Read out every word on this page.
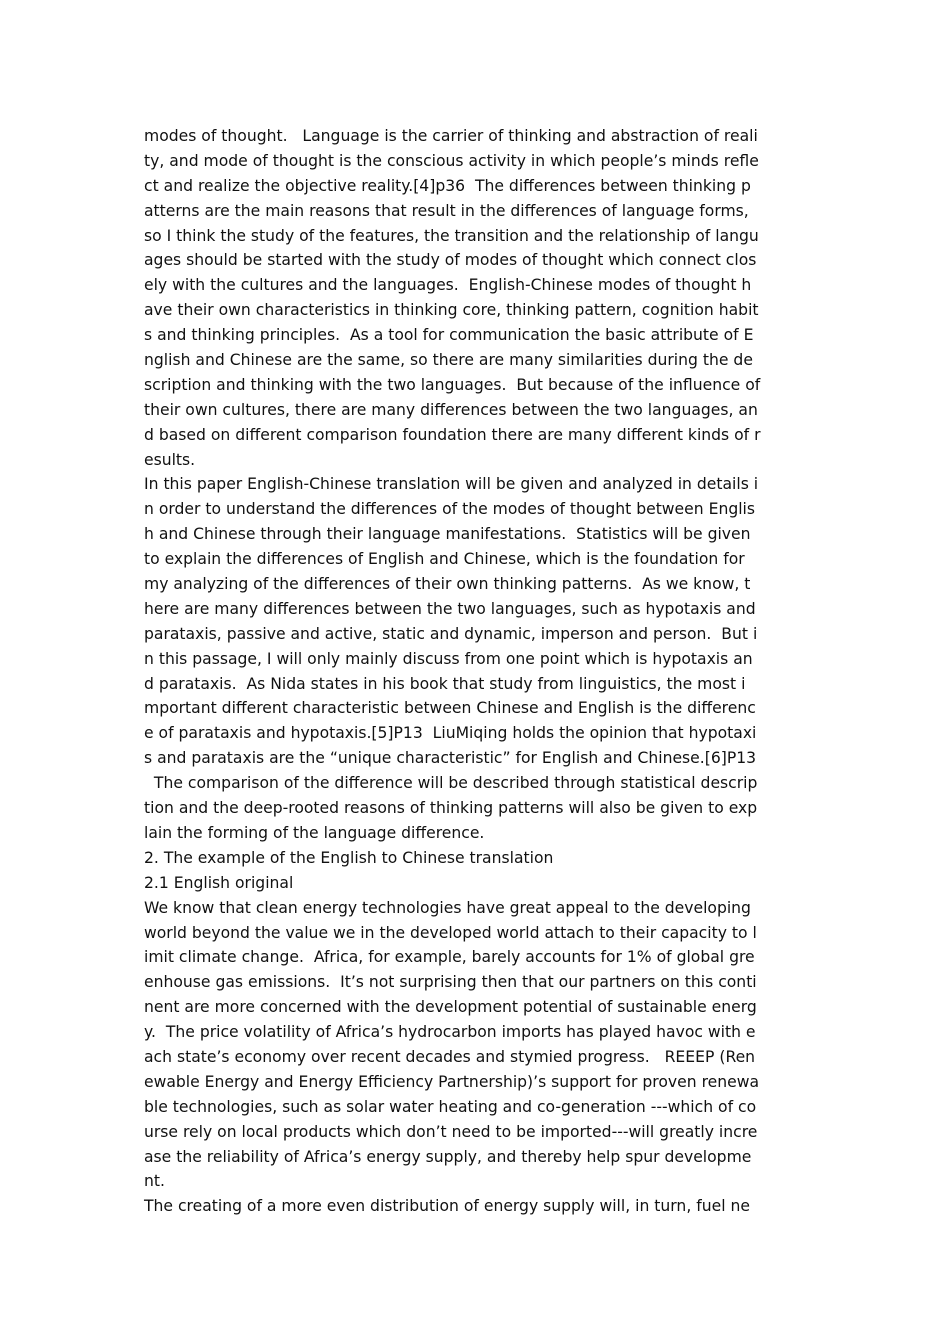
modes of thought.   Language is the carrier of thinking and abstraction of reali
ty, and mode of thought is the conscious activity in which people’s minds refle
ct and realize the objective reality.[4]p36  The differences between thinking p
atterns are the main reasons that result in the differences of language forms,
so I think the study of the features, the transition and the relationship of langu
ages should be started with the study of modes of thought which connect clos
ely with the cultures and the languages.  English-Chinese modes of thought h
ave their own characteristics in thinking core, thinking pattern, cognition habit
s and thinking principles.  As a tool for communication the basic attribute of E
nglish and Chinese are the same, so there are many similarities during the de
scription and thinking with the two languages.  But because of the influence of
their own cultures, there are many differences between the two languages, an
d based on different comparison foundation there are many different kinds of r
esults.
In this paper English-Chinese translation will be given and analyzed in details i
n order to understand the differences of the modes of thought between Englis
h and Chinese through their language manifestations.  Statistics will be given
to explain the differences of English and Chinese, which is the foundation for
my analyzing of the differences of their own thinking patterns.  As we know, t
here are many differences between the two languages, such as hypotaxis and
parataxis, passive and active, static and dynamic, imperson and person.  But i
n this passage, I will only mainly discuss from one point which is hypotaxis an
d parataxis.  As Nida states in his book that study from linguistics, the most i
mportant different characteristic between Chinese and English is the differenc
e of parataxis and hypotaxis.[5]P13  LiuMiqing holds the opinion that hypotaxi
s and parataxis are the “unique characteristic” for English and Chinese.[6]P13
The comparison of the difference will be described through statistical descrip
tion and the deep-rooted reasons of thinking patterns will also be given to exp
lain the forming of the language difference.
2. The example of the English to Chinese translation
2.1 English original
We know that clean energy technologies have great appeal to the developing
world beyond the value we in the developed world attach to their capacity to l
imit climate change.  Africa, for example, barely accounts for 1% of global gre
enhouse gas emissions.  It’s not surprising then that our partners on this conti
nent are more concerned with the development potential of sustainable energ
y.  The price volatility of Africa’s hydrocarbon imports has played havoc with e
ach state’s economy over recent decades and stymied progress.   REEEP (Ren
ewable Energy and Energy Efficiency Partnership)’s support for proven renewa
ble technologies, such as solar water heating and co-generation ---which of co
urse rely on local products which don’t need to be imported---will greatly incre
ase the reliability of Africa’s energy supply, and thereby help spur developme
nt.
The creating of a more even distribution of energy supply will, in turn, fuel ne
